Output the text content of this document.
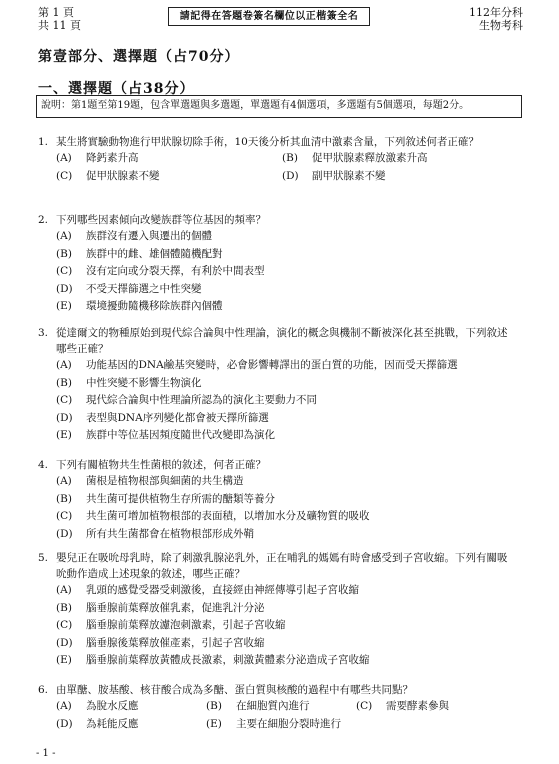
第 1 頁
共 11 頁
請記得在答題卷簽名欄位以正楷簽全名	112年分科
生物考科
第壹部分、選擇題（占70分）
一、選擇題（占38分）
說明：第1題至第19題，包含單選題與多選題，單選題有4個選項，多選題有5個選項，每題2分。
1. 某生將實驗動物進行甲狀腺切除手術，10天後分析其血清中激素含量，下列敘述何者正確？
(A)	降鈣素升高	(B)	促甲狀腺素釋放激素升高
(C)	促甲狀腺素不變	(D)	副甲狀腺素不變
2. 下列哪些因素傾向改變族群等位基因的頻率？
(A)	族群沒有遷入與遷出的個體
(B)	族群中的雌、雄個體隨機配對
(C)	沒有定向或分裂天擇，有利於中間表型
(D)	不受天擇篩選之中性突變
(E)	環境擾動隨機移除族群內個體
3. 從達爾文的物種原始到現代綜合論與中性理論，演化的概念與機制不斷被深化甚至挑戰，下列敘述哪些正確？
(A)	功能基因的DNA鹼基突變時，必會影響轉譯出的蛋白質的功能，因而受天擇篩選
(B)	中性突變不影響生物演化
(C)	現代綜合論與中性理論所認為的演化主要動力不同
(D)	表型與DNA序列變化都會被天擇所篩選
(E)	族群中等位基因頻度隨世代改變即為演化
4. 下列有關植物共生性菌根的敘述，何者正確？
(A)	菌根是植物根部與細菌的共生構造
(B)	共生菌可提供植物生存所需的醣類等養分
(C)	共生菌可增加植物根部的表面積，以增加水分及礦物質的吸收
(D)	所有共生菌都會在植物根部形成外鞘
5. 嬰兒正在吸吮母乳時，除了刺激乳腺泌乳外，正在哺乳的媽媽有時會感受到子宮收縮。下列有關吸吮動作造成上述現象的敘述，哪些正確？
(A)	乳頭的感覺受器受刺激後，直接經由神經傳導引起子宮收縮
(B)	腦垂腺前葉釋放催乳素，促進乳汁分泌
(C)	腦垂腺前葉釋放濾泡刺激素，引起子宮收縮
(D)	腦垂腺後葉釋放催產素，引起子宮收縮
(E)	腦垂腺前葉釋放黃體成長激素，刺激黃體素分泌造成子宮收縮
6. 由單醣、胺基酸、核苷酸合成為多醣、蛋白質與核酸的過程中有哪些共同點？
(A)	為脫水反應	(B)	在細胞質內進行	(C)	需要酵素參與
(D)	為耗能反應	(E)	主要在細胞分裂時進行
- 1 -
